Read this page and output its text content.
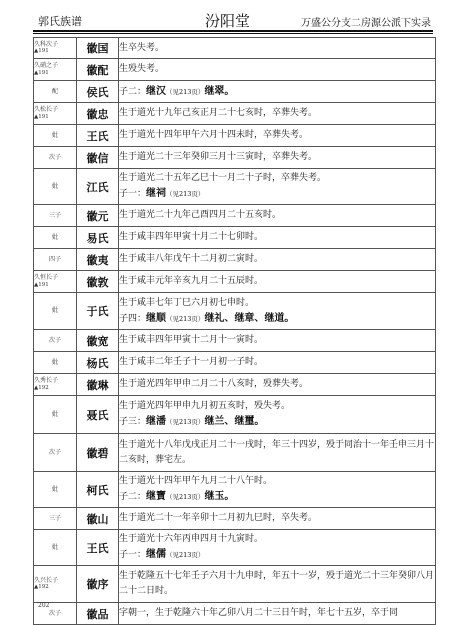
郭氏族谱	汾阳堂	万盛公分支二房源公派下实录
久科次子
▲191	徽国	生卒失考。

久硝之子
▲191	徽配	生殁失考。

配	侯氏	子二：继汉（见213页）继翠。

久松长子
▲191	徽忠	生于道光十九年己亥正月二十七亥时，卒葬失考。

妣	王氏	生于道光十四年甲午六月十四未时，卒葬失考。

次子	徽信	生于道光二十三年癸卯三月十三寅时，卒葬失考。

妣	江氏	生于道光二十五年乙巳十一月二十子时，卒葬失考。
子一：继祠（见213页）

三子	徽元	生于道光二十九年己酉四月二十五亥时。

妣	易氏	生于咸丰四年甲寅十月二十七卯时。

四子	徽夷	生于咸丰八年戊午十二月初二寅时。

久恒长子
▲191	徽敦	生于咸丰元年辛亥九月二十五辰时。

妣	于氏	生于咸丰七年丁巳六月初七申时。
子四：继顺（见213页）继礼、继章、继道。

次子	徽宽	生于咸丰四年甲寅十二月十一寅时。

妣	杨氏	生于咸丰二年壬子十一月初一子时。

久秀长子
▲192	徽琳	生于道光四年甲申二月二十八亥时，殁葬失考。

妣	聂氏	生于道光四年甲申九月初五亥时，殁失考。
子三：继潘（见213页）继兰、继璽。

次子	徽碧	生于道光十八年戊戌正月二十一戌时，年三十四岁，殁于同治十一年壬申三月十二亥时，葬宅左。

妣	柯氏	生于道光十四年甲午九月二十八午时。
子二：继寶（见213页）继玉。

三子	徽山	生于道光二十一年辛卯十二月初九巳时，卒失考。

妣	王氏	生于道光十六年丙申四月十九寅时。
子一：继儒（见213页）

久兴长子
▲192	徽序	生于乾隆五十七年壬子六月十九申时，年五十一岁，殁于道光二十三年癸卯八月二十二日时。

次子	徽品	字朝一，生于乾隆六十年乙卯八月二十三日午时，年七十五岁，卒于同
202
